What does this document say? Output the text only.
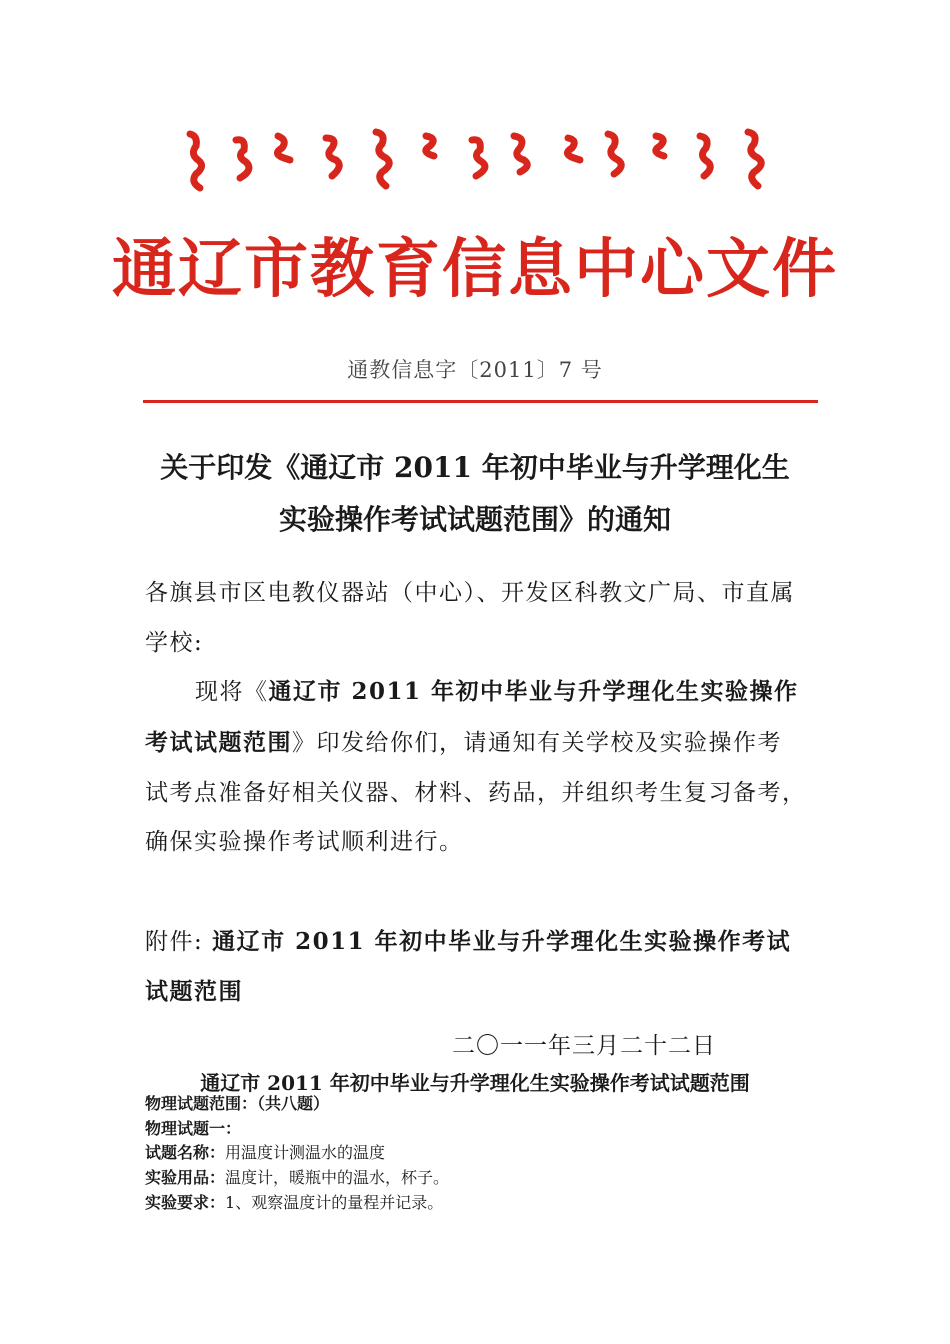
通辽市教育信息中心文件
通教信息字〔2011〕7 号
关于印发《通辽市 2011 年初中毕业与升学理化生
实验操作考试试题范围》的通知
各旗县市区电教仪器站（中心）、开发区科教文广局、市直属
学校:
现将《通辽市 2011 年初中毕业与升学理化生实验操作
考试试题范围》印发给你们，请通知有关学校及实验操作考
试考点准备好相关仪器、材料、药品，并组织考生复习备考，
确保实验操作考试顺利进行。
附件: 通辽市 2011 年初中毕业与升学理化生实验操作考试
试题范围
二〇一一年三月二十二日
通辽市 2011 年初中毕业与升学理化生实验操作考试试题范围
物理试题范围：（共八题）
物理试题一：
试题名称：用温度计测温水的温度
实验用品：温度计，暖瓶中的温水，杯子。
实验要求：1、观察温度计的量程并记录。
